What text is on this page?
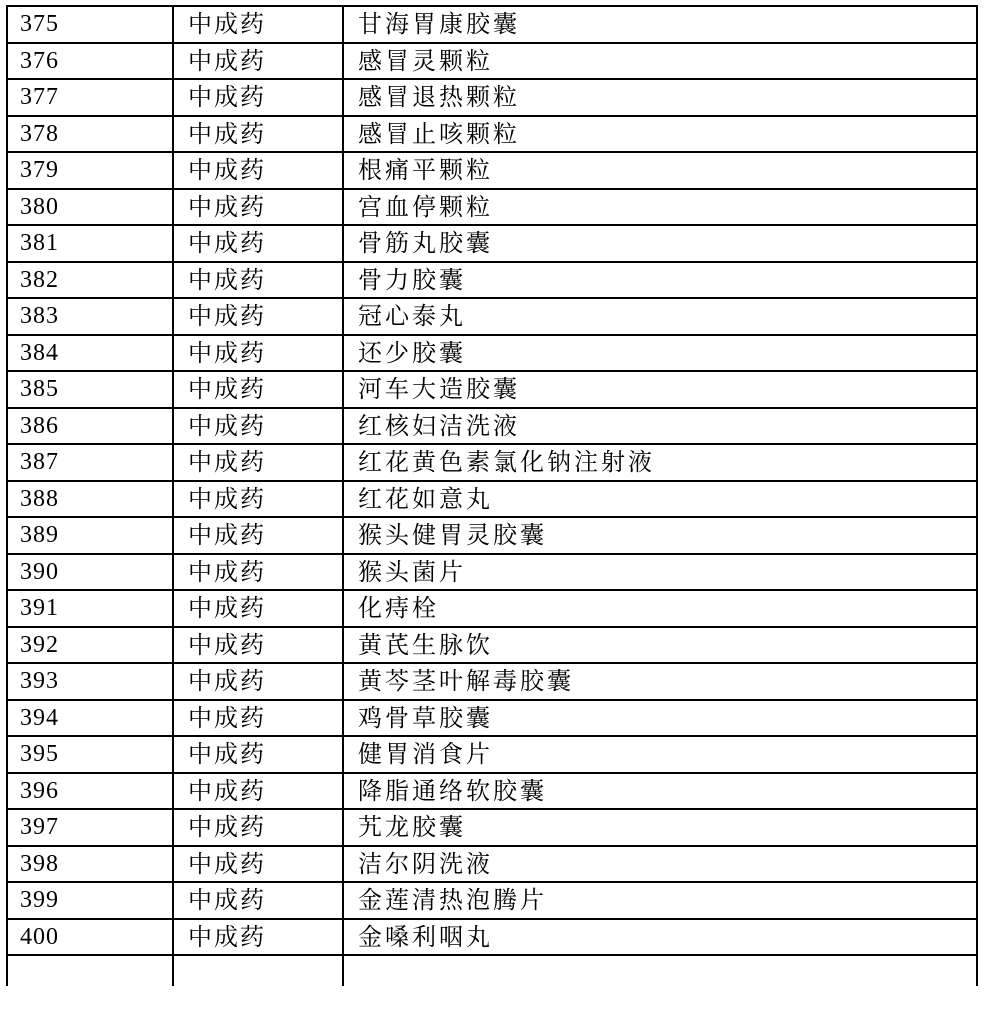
375	中成药	甘海胃康胶囊
376	中成药	感冒灵颗粒
377	中成药	感冒退热颗粒
378	中成药	感冒止咳颗粒
379	中成药	根痛平颗粒
380	中成药	宫血停颗粒
381	中成药	骨筋丸胶囊
382	中成药	骨力胶囊
383	中成药	冠心泰丸
384	中成药	还少胶囊
385	中成药	河车大造胶囊
386	中成药	红核妇洁洗液
387	中成药	红花黄色素氯化钠注射液
388	中成药	红花如意丸
389	中成药	猴头健胃灵胶囊
390	中成药	猴头菌片
391	中成药	化痔栓
392	中成药	黄芪生脉饮
393	中成药	黄芩茎叶解毒胶囊
394	中成药	鸡骨草胶囊
395	中成药	健胃消食片
396	中成药	降脂通络软胶囊
397	中成药	艽龙胶囊
398	中成药	洁尔阴洗液
399	中成药	金莲清热泡腾片
400	中成药	金嗓利咽丸
